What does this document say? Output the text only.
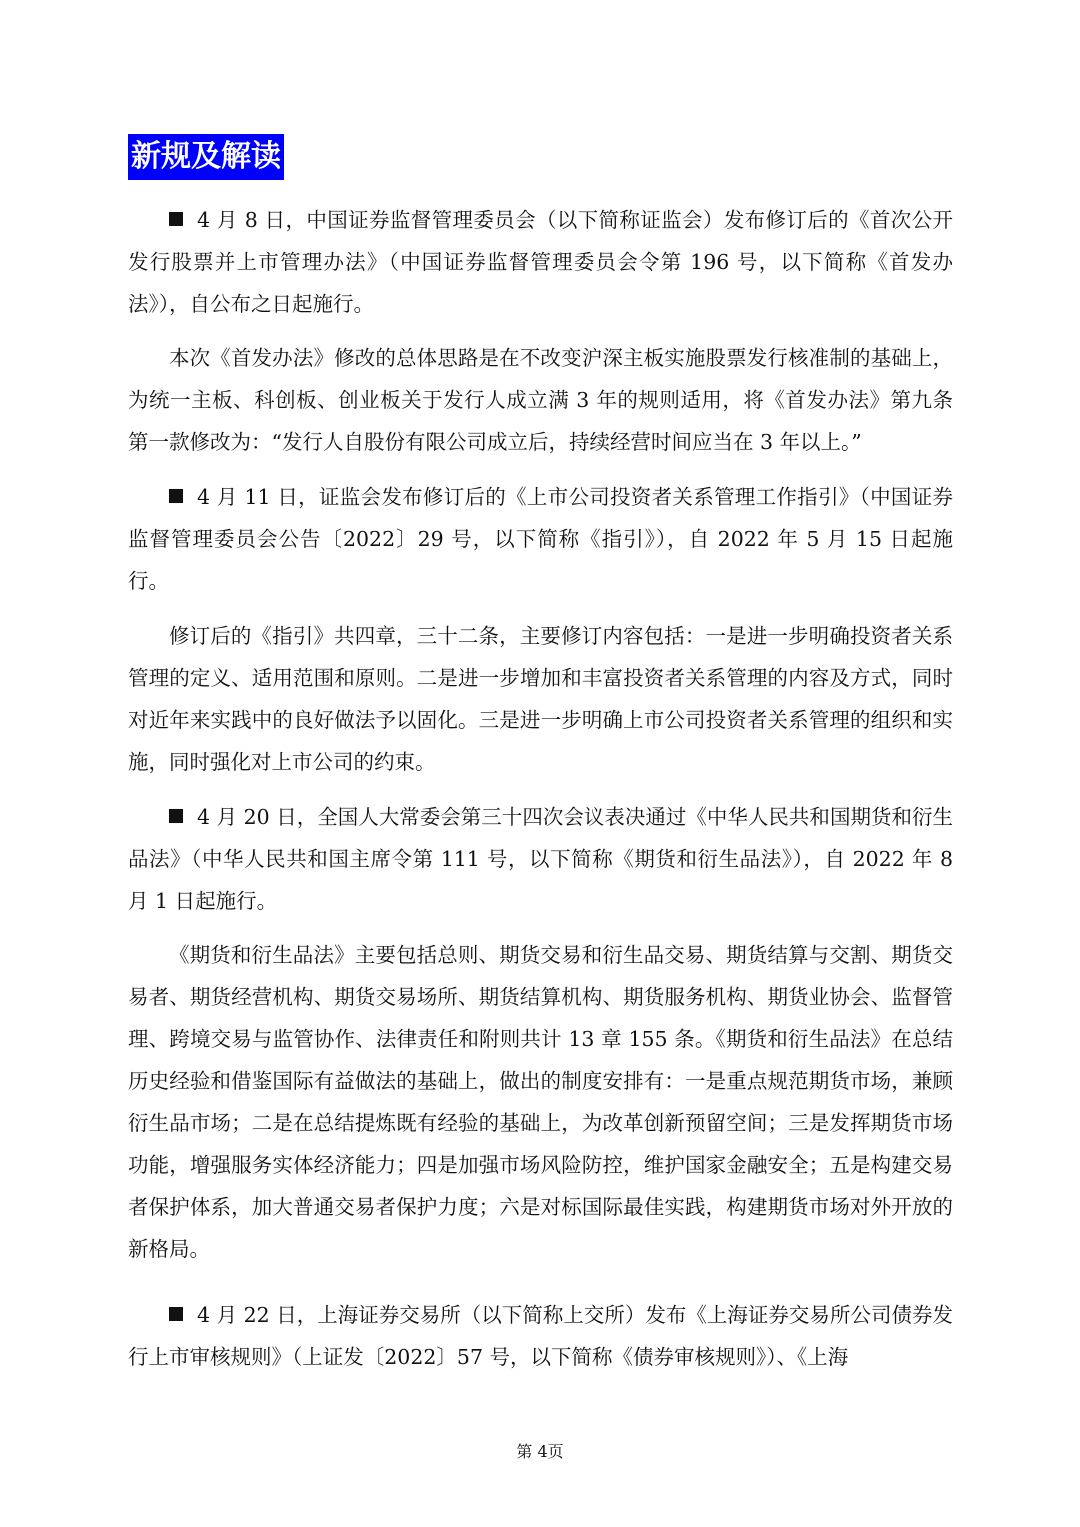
新规及解读

4 月 8 日，中国证券监督管理委员会（以下简称证监会）发布修订后的《首次公开发行股票并上市管理办法》（中国证券监督管理委员会令第 196 号，以下简称《首发办法》），自公布之日起施行。

本次《首发办法》修改的总体思路是在不改变沪深主板实施股票发行核准制的基础上，为统一主板、科创板、创业板关于发行人成立满 3 年的规则适用，将《首发办法》第九条第一款修改为：“发行人自股份有限公司成立后，持续经营时间应当在 3 年以上。”

4 月 11 日，证监会发布修订后的《上市公司投资者关系管理工作指引》（中国证券监督管理委员会公告〔2022〕29 号，以下简称《指引》），自 2022 年 5 月 15 日起施行。

修订后的《指引》共四章，三十二条，主要修订内容包括：一是进一步明确投资者关系管理的定义、适用范围和原则。二是进一步增加和丰富投资者关系管理的内容及方式，同时对近年来实践中的良好做法予以固化。三是进一步明确上市公司投资者关系管理的组织和实施，同时强化对上市公司的约束。

4 月 20 日，全国人大常委会第三十四次会议表决通过《中华人民共和国期货和衍生品法》（中华人民共和国主席令第 111 号，以下简称《期货和衍生品法》），自 2022 年 8 月 1 日起施行。

《期货和衍生品法》主要包括总则、期货交易和衍生品交易、期货结算与交割、期货交易者、期货经营机构、期货交易场所、期货结算机构、期货服务机构、期货业协会、监督管理、跨境交易与监管协作、法律责任和附则共计 13 章 155 条。《期货和衍生品法》在总结历史经验和借鉴国际有益做法的基础上，做出的制度安排有：一是重点规范期货市场，兼顾衍生品市场；二是在总结提炼既有经验的基础上，为改革创新预留空间；三是发挥期货市场功能，增强服务实体经济能力；四是加强市场风险防控，维护国家金融安全；五是构建交易者保护体系，加大普通交易者保护力度；六是对标国际最佳实践，构建期货市场对外开放的新格局。

4 月 22 日，上海证券交易所（以下简称上交所）发布《上海证券交易所公司债券发行上市审核规则》（上证发〔2022〕57 号，以下简称《债券审核规则》）、《上海

第 4页
